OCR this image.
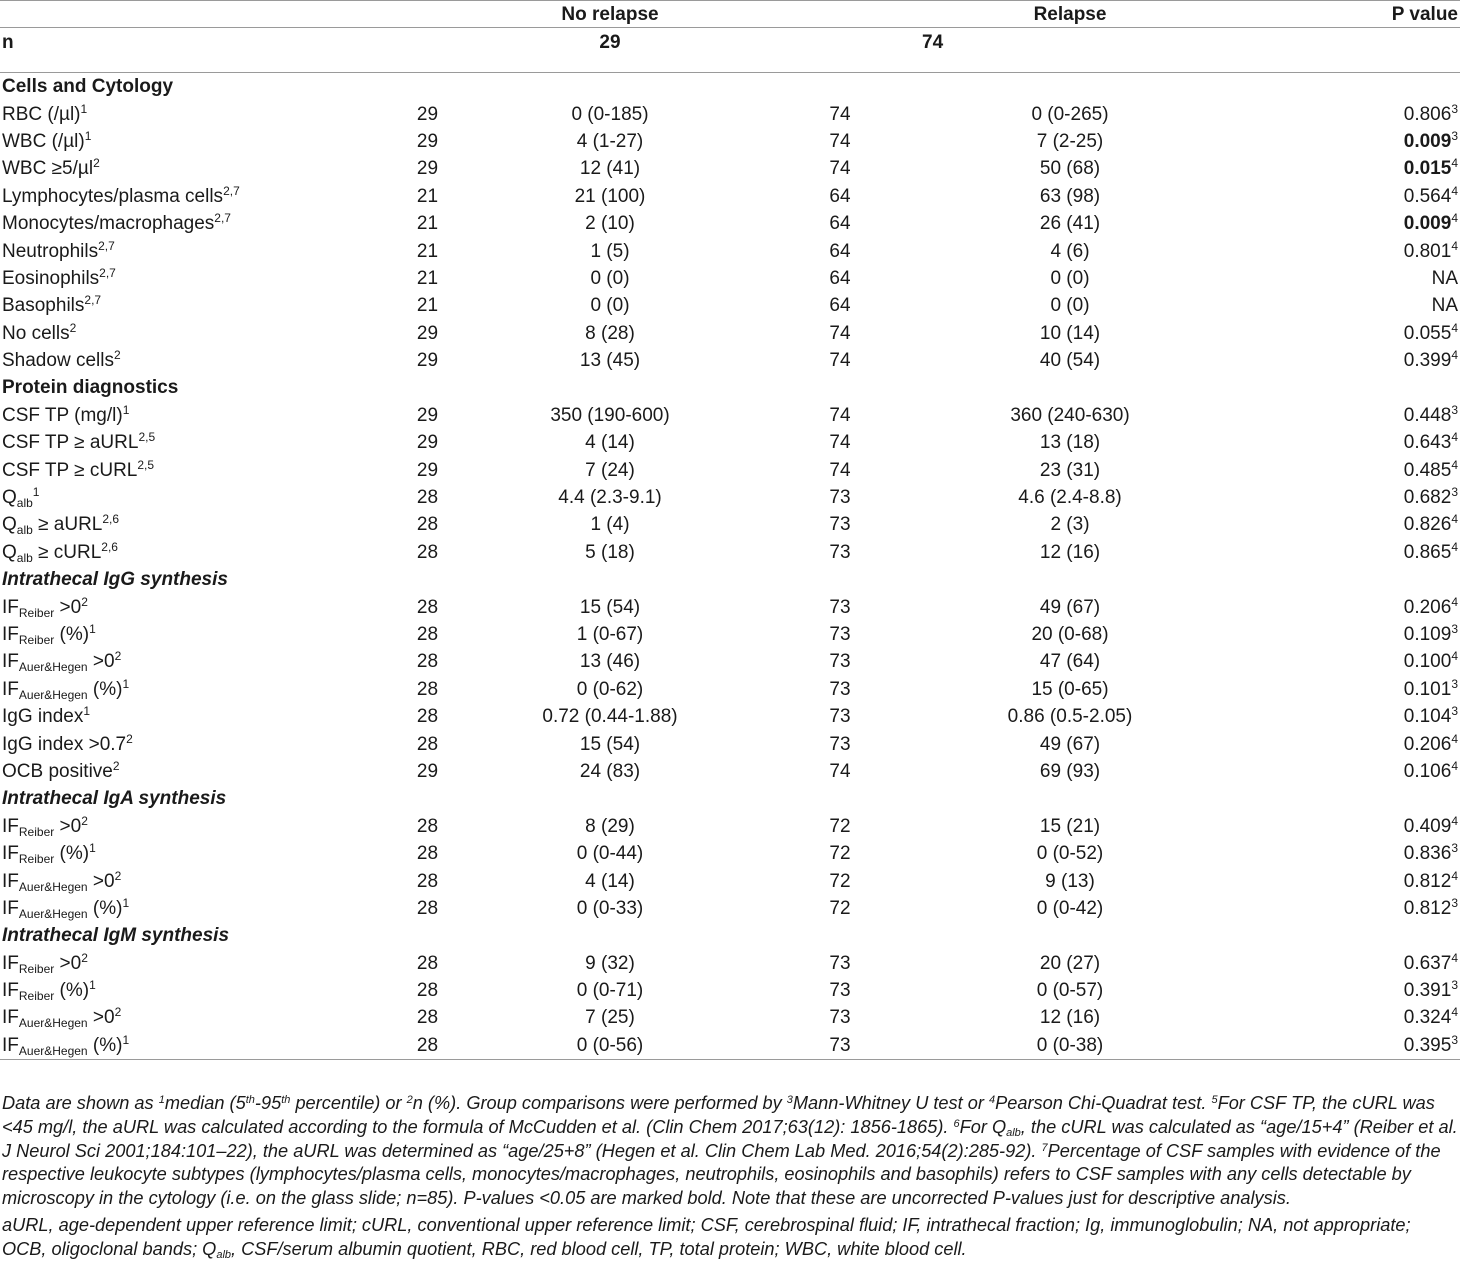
		No relapse		Relapse	P value
n		29		74	

Cells and Cytology					
RBC $(/\mu l)^1$	29	0 (0-185)	74	0 (0-265)	0.806$^3$
WBC $(/\mu l)^1$	29	4 (1-27)	74	7 (2-25)	0.009$^3$
WBC ≥5/µl$^2$	29	12 (41)	74	50 (68)	0.015$^4$
Lymphocytes/plasma cells$^{2,7}$	21	21 (100)	64	63 (98)	0.564$^4$
Monocytes/macrophages$^{2,7}$	21	2 (10)	64	26 (41)	0.009$^4$
Neutrophils$^{2,7}$	21	1 (5)	64	4 (6)	0.801$^4$
Eosinophils$^{2,7}$	21	0 (0)	64	0 (0)	NA
Basophils$^{2,7}$	21	0 (0)	64	0 (0)	NA
No cells$^2$	29	8 (28)	74	10 (14)	0.055$^4$
Shadow cells$^2$	29	13 (45)	74	40 (54)	0.399$^4$
Protein diagnostics					
CSF TP $(mg/l)^1$	29	350 (190-600)	74	360 (240-630)	0.448$^3$
CSF TP ≥ aURL$^{2,5}$	29	4 (14)	74	13 (18)	0.643$^4$
CSF TP ≥ cURL$^{2,5}$	29	7 (24)	74	23 (31)	0.485$^4$
$Q_{alb}^1$	28	4.4 (2.3-9.1)	73	4.6 (2.4-8.8)	0.682$^3$
$Q_{alb}$ ≥ aURL$^{2,6}$	28	1 (4)	73	2 (3)	0.826$^4$
$Q_{alb}$ ≥ cURL$^{2,6}$	28	5 (18)	73	12 (16)	0.865$^4$
Intrathecal IgG synthesis					
$IF_{Reiber} >0^2$	28	15 (54)	73	49 (67)	0.206$^4$
$IF_{Reiber}$ (%)$^1$	28	1 (0-67)	73	20 (0-68)	0.109$^3$
$IF_{Auer\&Hegen} >0^2$	28	13 (46)	73	47 (64)	0.100$^4$
$IF_{Auer\&Hegen}$ (%)$^1$	28	0 (0-62)	73	15 (0-65)	0.101$^3$
IgG index$^1$	28	0.72 (0.44-1.88)	73	0.86 (0.5-2.05)	0.104$^3$
IgG index $>0.7^2$	28	15 (54)	73	49 (67)	0.206$^4$
OCB positive$^2$	29	24 (83)	74	69 (93)	0.106$^4$
Intrathecal IgA synthesis					
$IF_{Reiber} >0^2$	28	8 (29)	72	15 (21)	0.409$^4$
$IF_{Reiber}$ (%)$^1$	28	0 (0-44)	72	0 (0-52)	0.836$^3$
$IF_{Auer\&Hegen} >0^2$	28	4 (14)	72	9 (13)	0.812$^4$
$IF_{Auer\&Hegen}$ (%)$^1$	28	0 (0-33)	72	0 (0-42)	0.812$^3$
Intrathecal IgM synthesis					
$IF_{Reiber} >0^2$	28	9 (32)	73	20 (27)	0.637$^4$
$IF_{Reiber}$ (%)$^1$	28	0 (0-71)	73	0 (0-57)	0.391$^3$
$IF_{Auer\&Hegen} >0^2$	28	7 (25)	73	12 (16)	0.324$^4$
$IF_{Auer\&Hegen}$ (%)$^1$	28	0 (0-56)	73	0 (0-38)	0.395$^3$
Data are shown as $^1$median (5th-95th percentile) or $^2$n (%). Group comparisons were performed by $^3$Mann-Whitney U test or $^4$Pearson Chi-Quadrat test. $^5$For CSF TP, the cURL was <45 mg/l, the aURL was calculated according to the formula of McCudden et al. (Clin Chem 2017;63(12): 1856-1865). $^6$For $Q_{alb}$, the cURL was calculated as “age/15+4” (Reiber et al. J Neurol Sci 2001;184:101–22), the aURL was determined as “age/25+8” (Hegen et al. Clin Chem Lab Med. 2016;54(2):285-92). $^7$Percentage of CSF samples with evidence of the respective leukocyte subtypes (lymphocytes/plasma cells, monocytes/macrophages, neutrophils, eosinophils and basophils) refers to CSF samples with any cells detectable by microscopy in the cytology (i.e. on the glass slide; n=85). P-values <0.05 are marked bold. Note that these are uncorrected P-values just for descriptive analysis.
aURL, age-dependent upper reference limit; cURL, conventional upper reference limit; CSF, cerebrospinal fluid; IF, intrathecal fraction; Ig, immunoglobulin; NA, not appropriate; OCB, oligoclonal bands; $Q_{alb}$, CSF/serum albumin quotient, RBC, red blood cell, TP, total protein; WBC, white blood cell.
